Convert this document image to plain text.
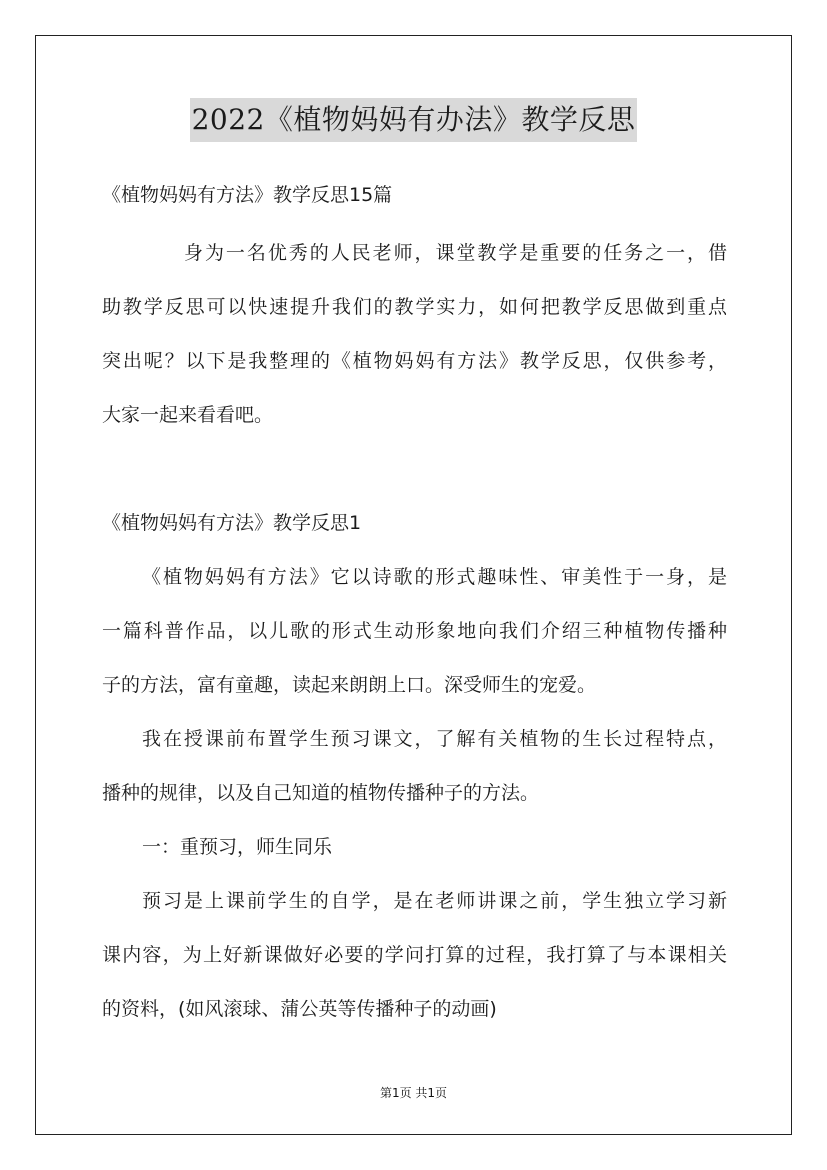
2022《植物妈妈有办法》教学反思
《植物妈妈有方法》教学反思15篇
身为一名优秀的人民老师，课堂教学是重要的任务之一，借
助教学反思可以快速提升我们的教学实力，如何把教学反思做到重点
突出呢？以下是我整理的《植物妈妈有方法》教学反思，仅供参考，
大家一起来看看吧。
《植物妈妈有方法》教学反思1
《植物妈妈有方法》它以诗歌的形式趣味性、审美性于一身，是
一篇科普作品，以儿歌的形式生动形象地向我们介绍三种植物传播种
子的方法，富有童趣，读起来朗朗上口。深受师生的宠爱。
我在授课前布置学生预习课文，了解有关植物的生长过程特点，
播种的规律，以及自己知道的植物传播种子的方法。
一：重预习，师生同乐
预习是上课前学生的自学，是在老师讲课之前，学生独立学习新
课内容，为上好新课做好必要的学问打算的过程，我打算了与本课相关
的资料，(如风滚球、蒲公英等传播种子的动画)
第1页 共1页
